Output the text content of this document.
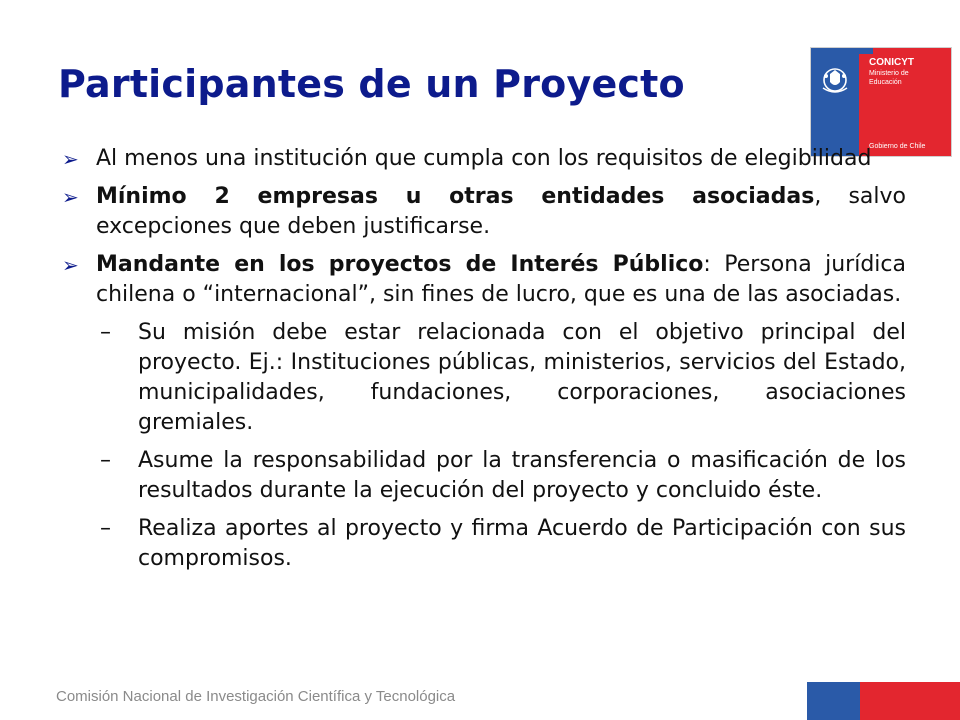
Participantes de un Proyecto	CONICYT
Ministerio de
Educación
Gobierno de Chile
➢ Al menos una institución que cumpla con los requisitos de elegibilidad
➢ Mínimo 2 empresas u otras entidades asociadas, salvo excepciones que deben justificarse.
➢ Mandante en los proyectos de Interés Público: Persona jurídica chilena o “internacional”, sin fines de lucro, que es una de las asociadas.
– Su misión debe estar relacionada con el objetivo principal del proyecto. Ej.: Instituciones públicas, ministerios, servicios del Estado, municipalidades, fundaciones, corporaciones, asociaciones gremiales.
– Asume la responsabilidad por la transferencia o masificación de los resultados durante la ejecución del proyecto y concluido éste.
– Realiza aportes al proyecto y firma Acuerdo de Participación con sus compromisos.
Comisión Nacional de Investigación Científica y Tecnológica
